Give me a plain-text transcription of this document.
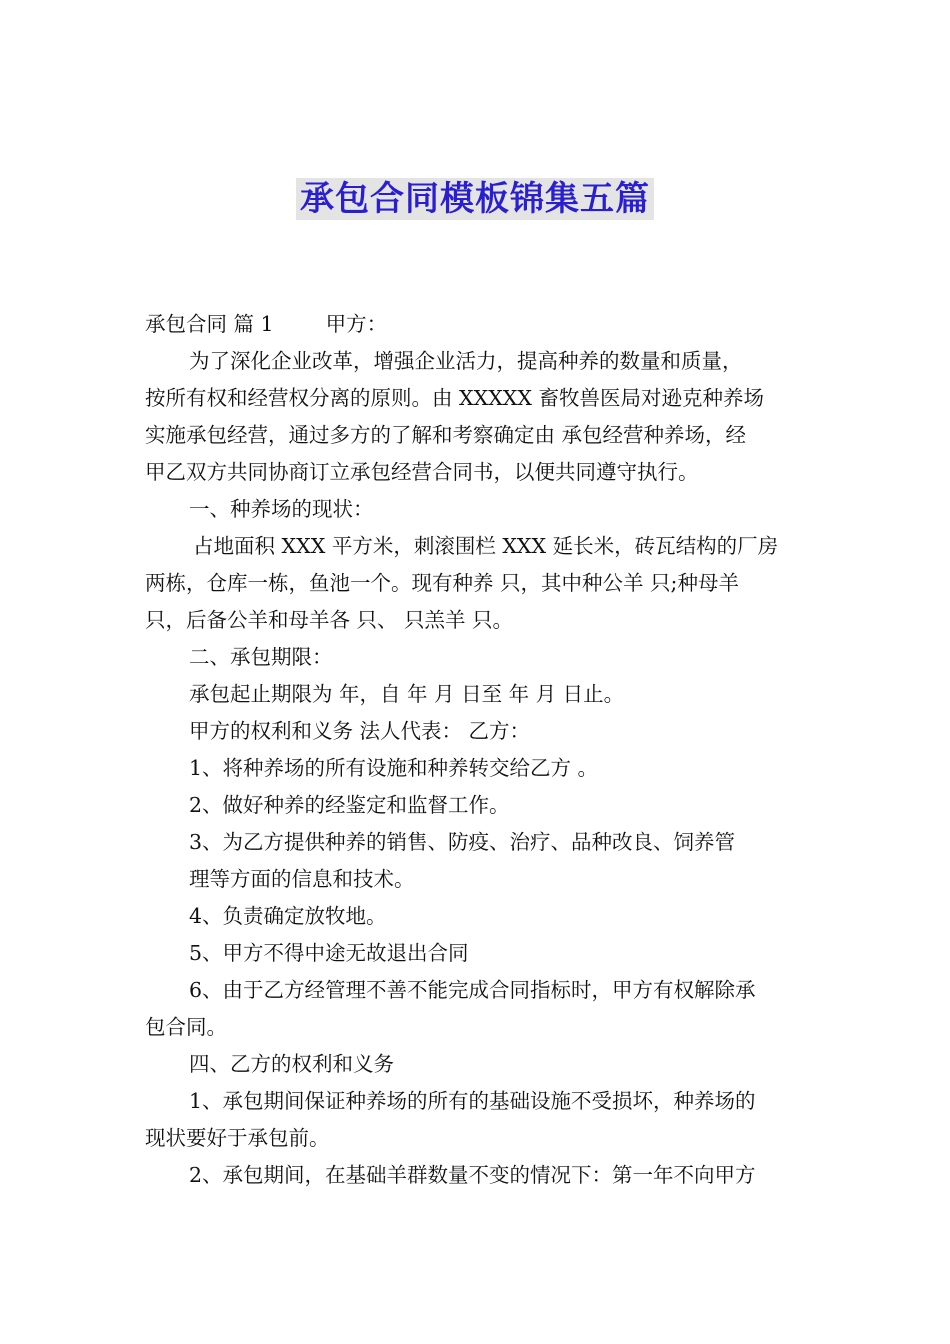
承包合同模板锦集五篇

承包合同 篇 1	甲方：

为了深化企业改革，增强企业活力，提高种养的数量和质量，

按所有权和经营权分离的原则。由 XXXXX 畜牧兽医局对逊克种养场

实施承包经营，通过多方的了解和考察确定由 承包经营种养场，经

甲乙双方共同协商订立承包经营合同书，以便共同遵守执行。

一、种养场的现状：

占地面积 XXX 平方米，刺滚围栏 XXX 延长米，砖瓦结构的厂房

两栋，仓库一栋，鱼池一个。现有种养 只，其中种公羊 只;种母羊

只，后备公羊和母羊各 只、 只羔羊 只。

二、承包期限：

承包起止期限为 年，自 年 月 日至 年 月 日止。

甲方的权利和义务 法人代表： 乙方：

1、将种养场的所有设施和种养转交给乙方 。

2、做好种养的经鉴定和监督工作。

3、为乙方提供种养的销售、防疫、治疗、品种改良、饲养管

理等方面的信息和技术。

4、负责确定放牧地。

5、甲方不得中途无故退出合同

6、由于乙方经管理不善不能完成合同指标时，甲方有权解除承

包合同。

四、乙方的权利和义务

1、承包期间保证种养场的所有的基础设施不受损坏，种养场的

现状要好于承包前。

2、承包期间，在基础羊群数量不变的情况下：第一年不向甲方
